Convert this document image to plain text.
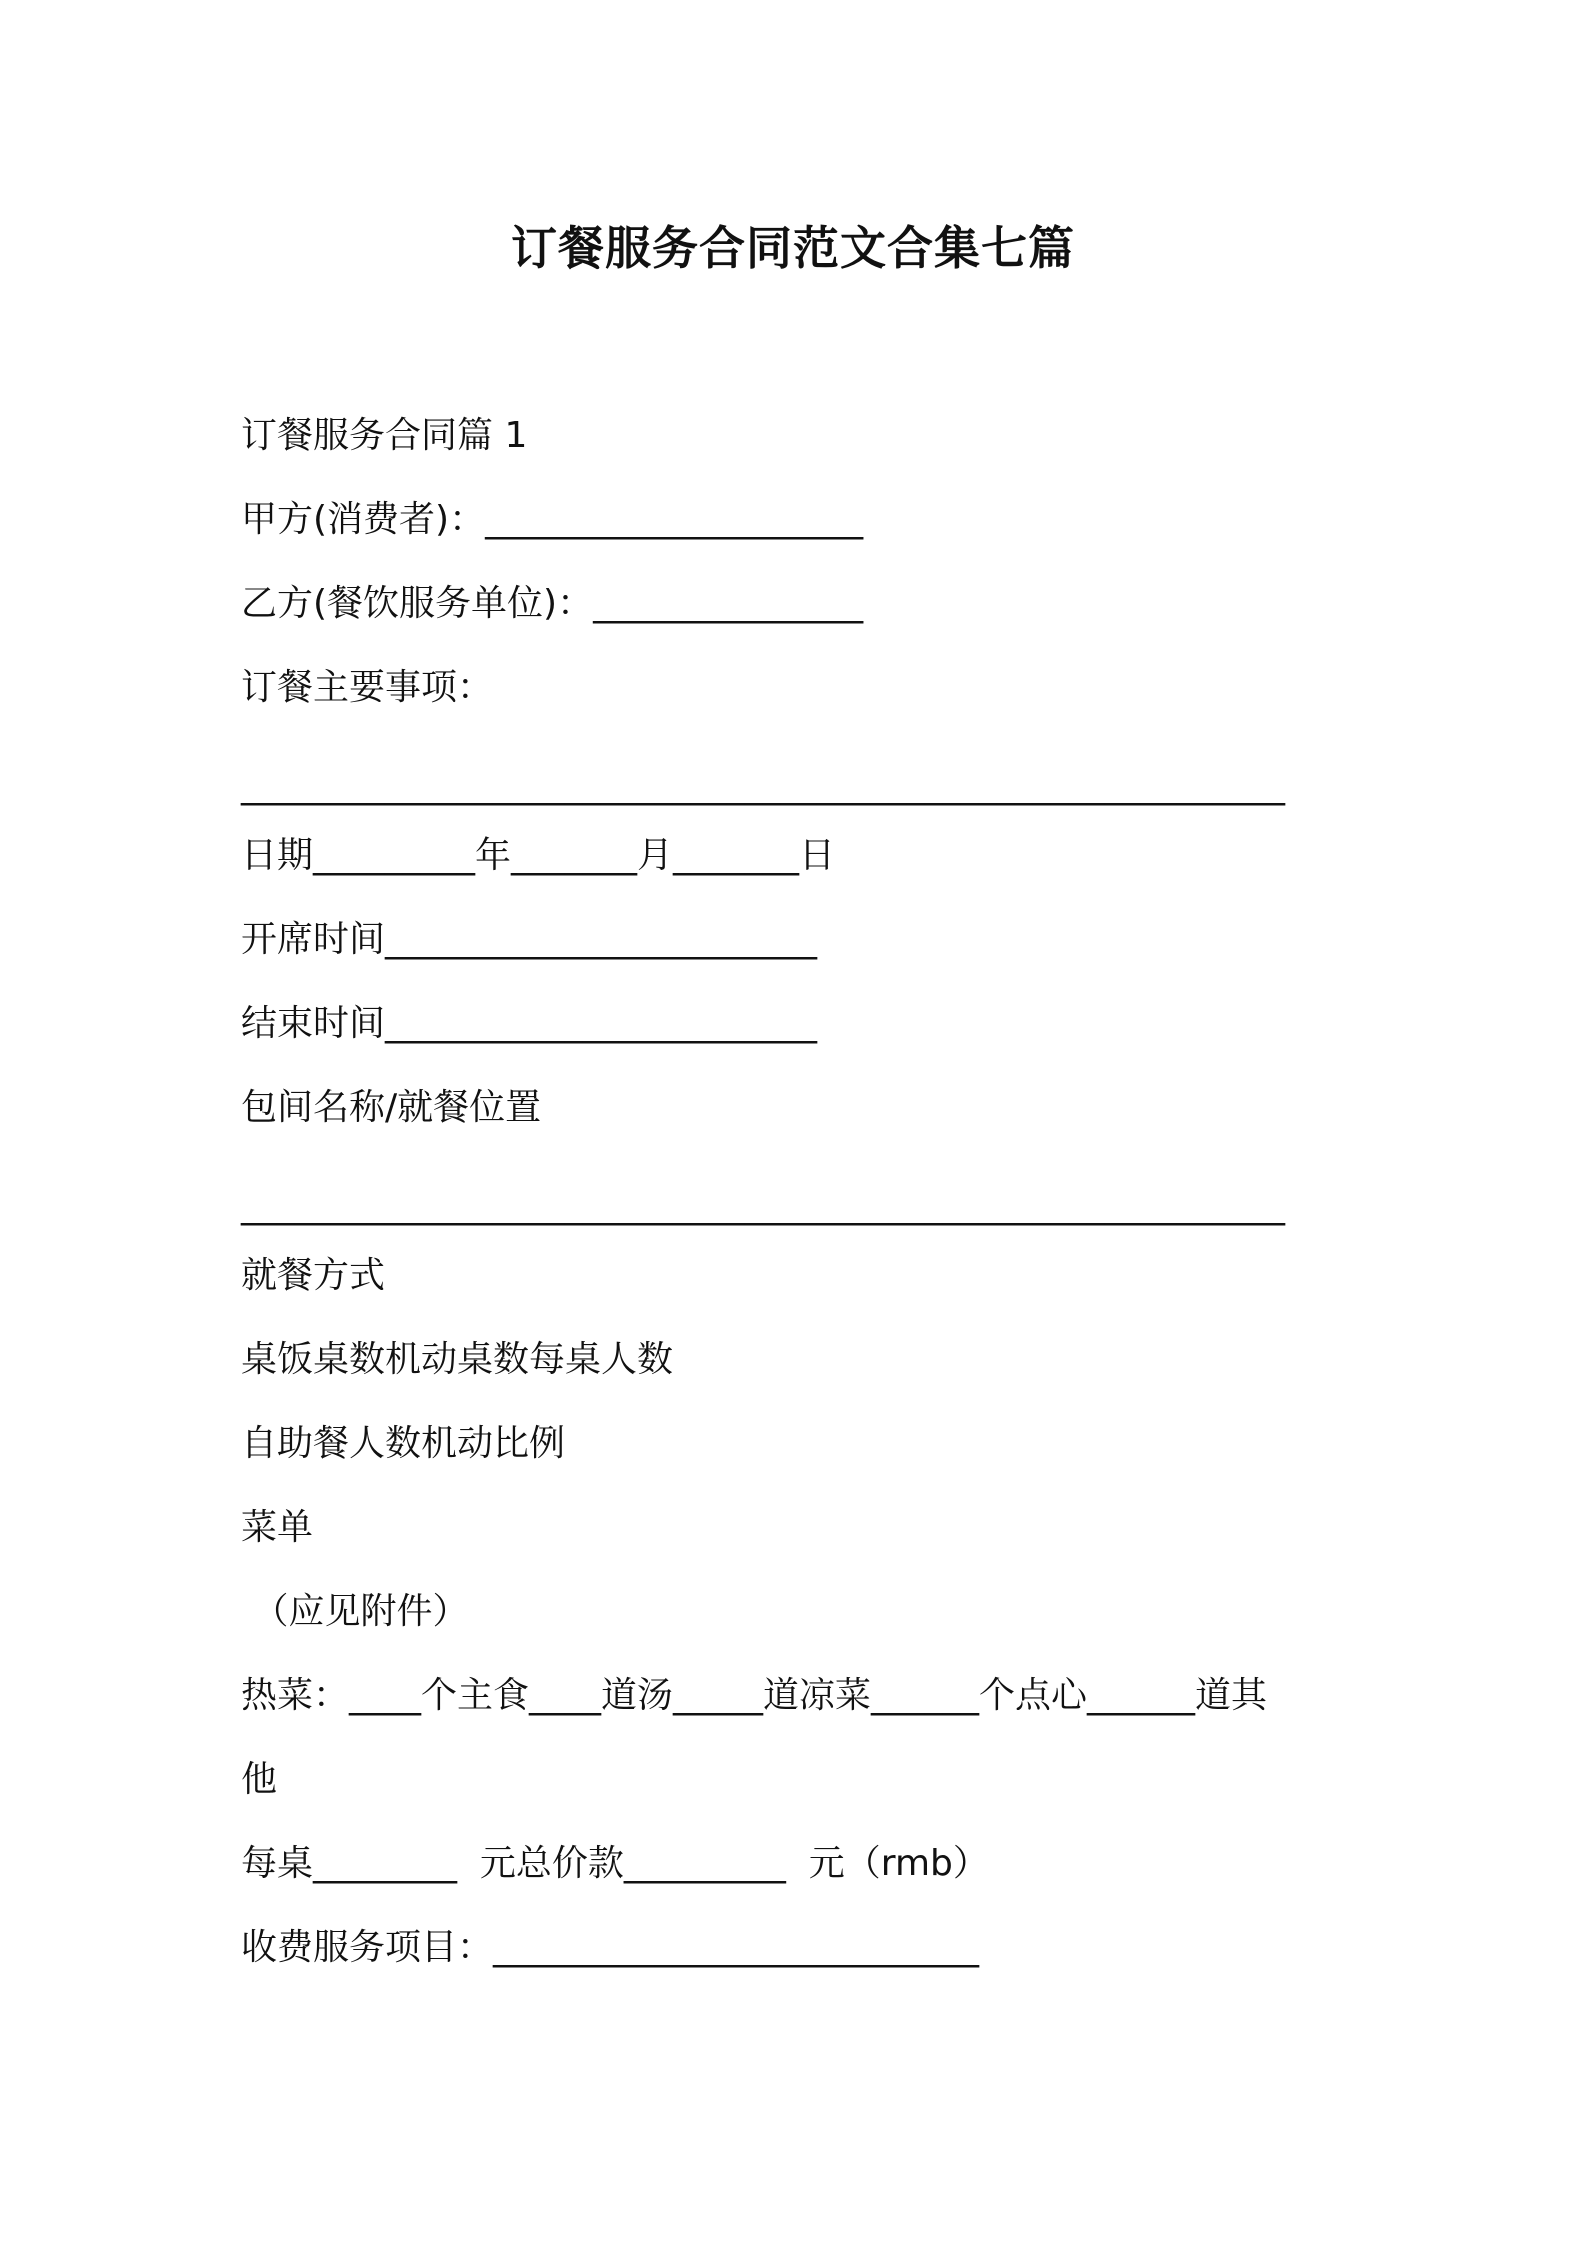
订餐服务合同范文合集七篇

订餐服务合同篇 1

甲方(消费者)：_____________________

乙方(餐饮服务单位)：_______________

订餐主要事项：

__________________________________________________________

日期_________年_______月_______日

开席时间________________________

结束时间________________________

包间名称/就餐位置

__________________________________________________________

就餐方式

桌饭桌数机动桌数每桌人数

自助餐人数机动比例

菜单

（应见附件）

热菜：____个主食____道汤_____道凉菜______个点心______道其

他

每桌________  元总价款_________  元（rmb）

收费服务项目：___________________________
